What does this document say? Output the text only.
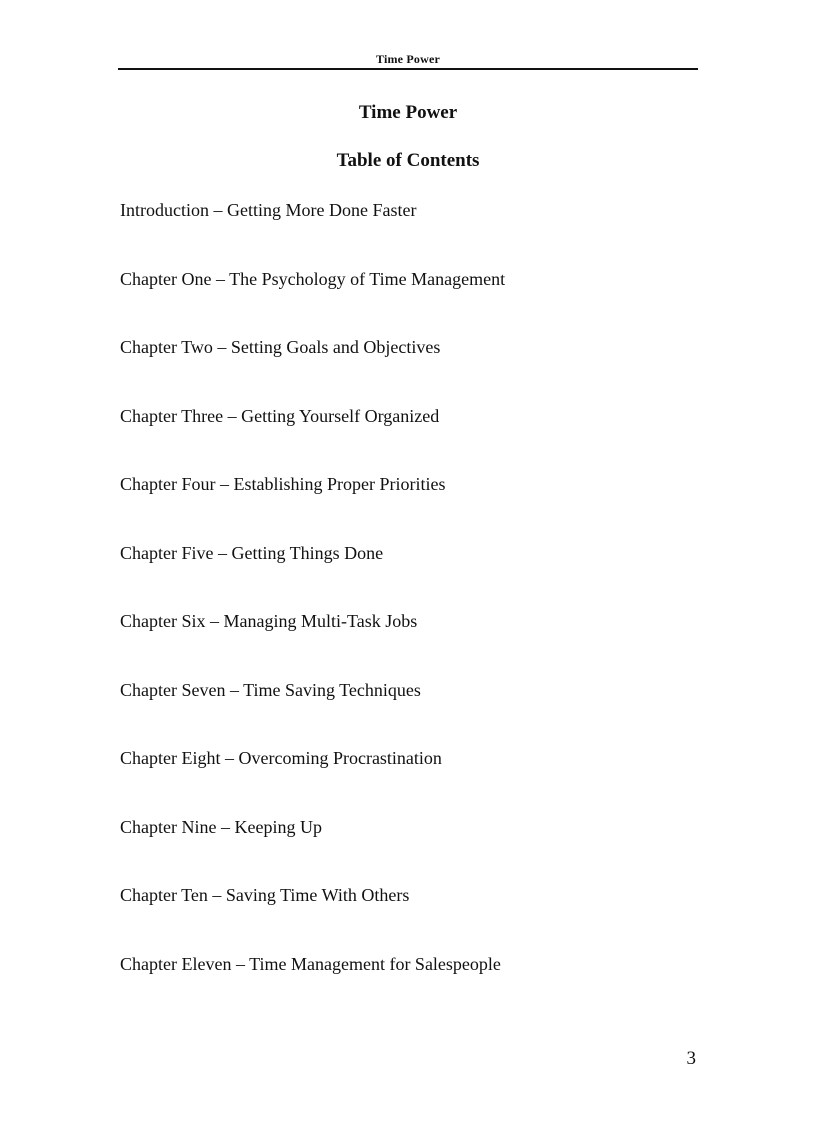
Time Power
Time Power
Table of Contents
Introduction – Getting More Done Faster
Chapter One – The Psychology of Time Management
Chapter Two – Setting Goals and Objectives
Chapter Three – Getting Yourself Organized
Chapter Four – Establishing Proper Priorities
Chapter Five – Getting Things Done
Chapter Six – Managing Multi-Task Jobs
Chapter Seven – Time Saving Techniques
Chapter Eight – Overcoming Procrastination
Chapter Nine – Keeping Up
Chapter Ten – Saving Time With Others
Chapter Eleven – Time Management for Salespeople
3
